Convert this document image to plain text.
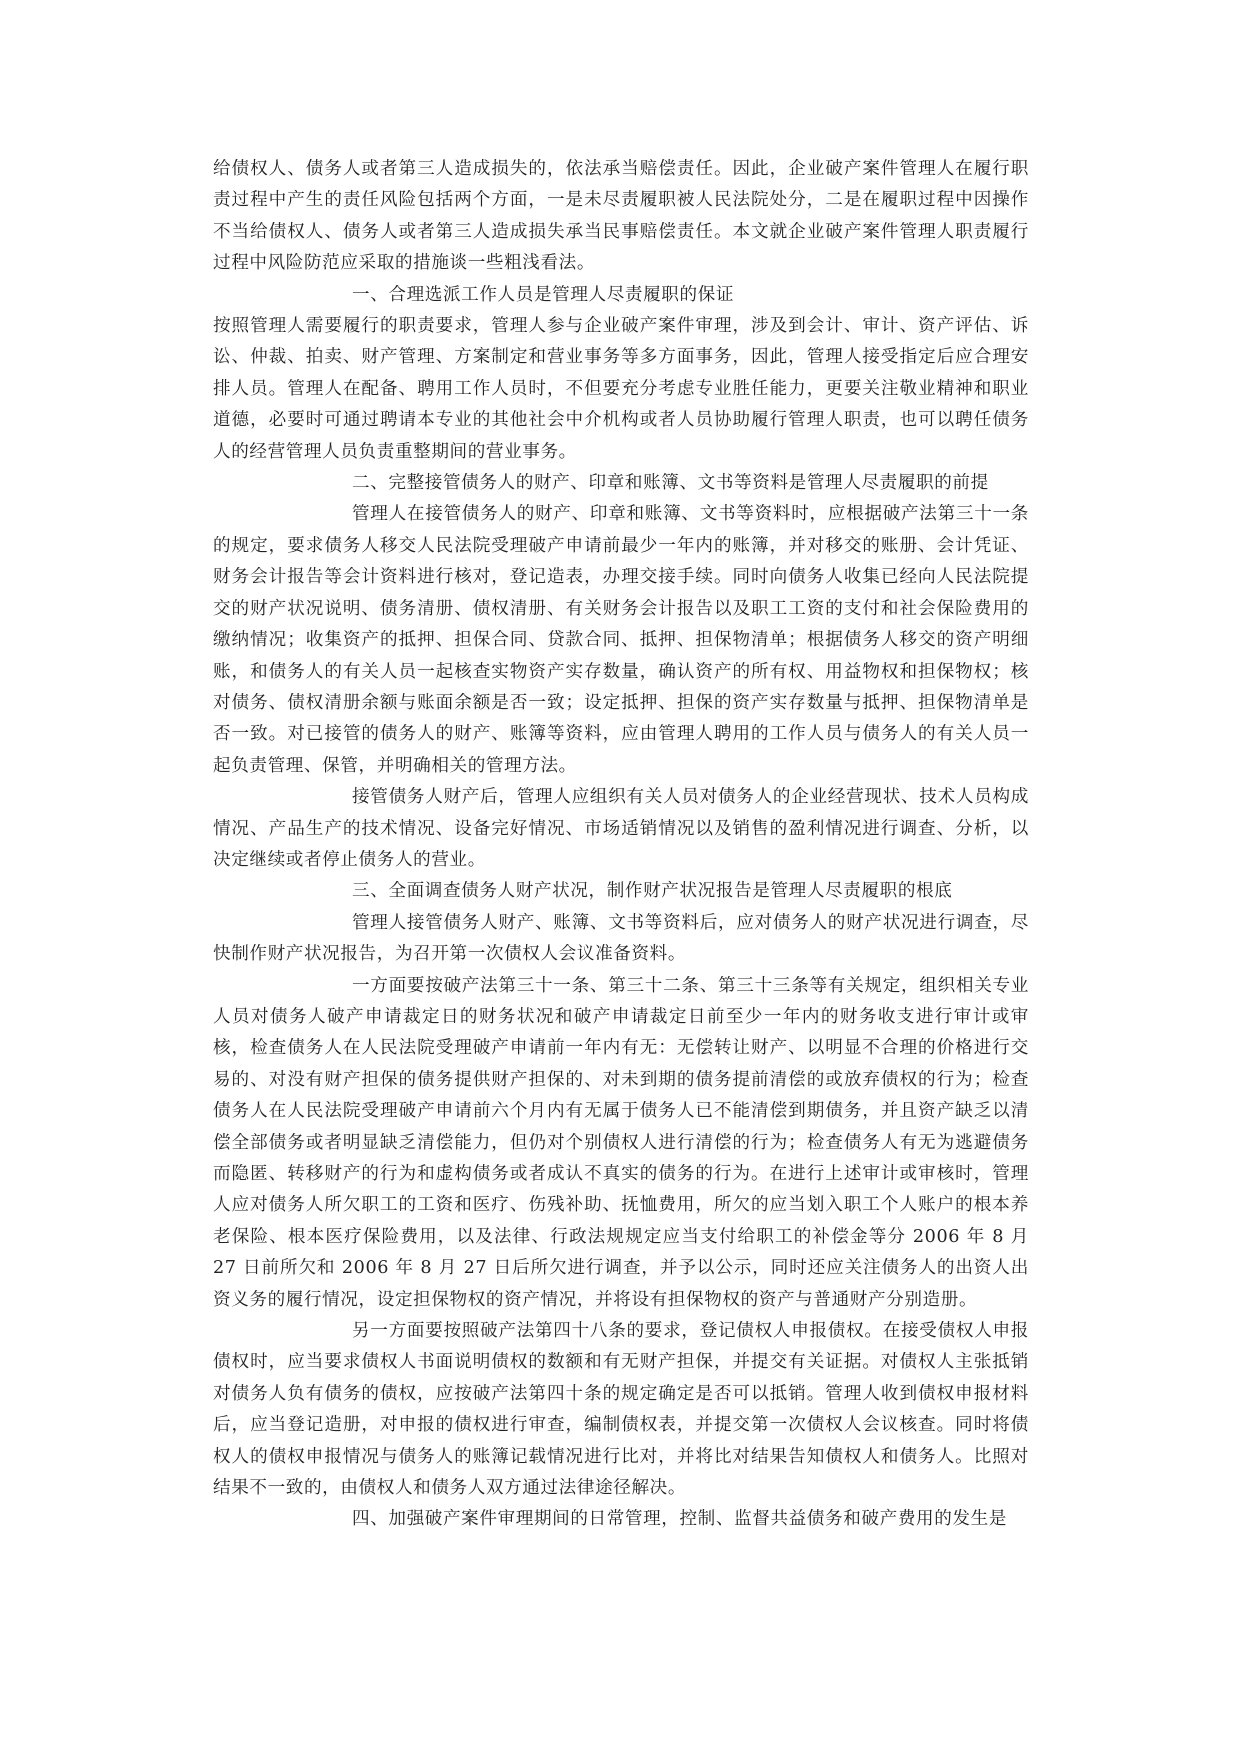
给债权人、债务人或者第三人造成损失的，依法承当赔偿责任。因此，企业破产案件管理人在履行职责过程中产生的责任风险包括两个方面，一是未尽责履职被人民法院处分，二是在履职过程中因操作不当给债权人、债务人或者第三人造成损失承当民事赔偿责任。本文就企业破产案件管理人职责履行过程中风险防范应采取的措施谈一些粗浅看法。

一、合理选派工作人员是管理人尽责履职的保证

按照管理人需要履行的职责要求，管理人参与企业破产案件审理，涉及到会计、审计、资产评估、诉讼、仲裁、拍卖、财产管理、方案制定和营业事务等多方面事务，因此，管理人接受指定后应合理安排人员。管理人在配备、聘用工作人员时，不但要充分考虑专业胜任能力，更要关注敬业精神和职业道德，必要时可通过聘请本专业的其他社会中介机构或者人员协助履行管理人职责，也可以聘任债务人的经营管理人员负责重整期间的营业事务。

二、完整接管债务人的财产、印章和账簿、文书等资料是管理人尽责履职的前提

管理人在接管债务人的财产、印章和账簿、文书等资料时，应根据破产法第三十一条的规定，要求债务人移交人民法院受理破产申请前最少一年内的账簿，并对移交的账册、会计凭证、财务会计报告等会计资料进行核对，登记造表，办理交接手续。同时向债务人收集已经向人民法院提交的财产状况说明、债务清册、债权清册、有关财务会计报告以及职工工资的支付和社会保险费用的缴纳情况；收集资产的抵押、担保合同、贷款合同、抵押、担保物清单；根据债务人移交的资产明细账，和债务人的有关人员一起核查实物资产实存数量，确认资产的所有权、用益物权和担保物权；核对债务、债权清册余额与账面余额是否一致；设定抵押、担保的资产实存数量与抵押、担保物清单是否一致。对已接管的债务人的财产、账簿等资料，应由管理人聘用的工作人员与债务人的有关人员一起负责管理、保管，并明确相关的管理方法。

接管债务人财产后，管理人应组织有关人员对债务人的企业经营现状、技术人员构成情况、产品生产的技术情况、设备完好情况、市场适销情况以及销售的盈利情况进行调查、分析，以决定继续或者停止债务人的营业。

三、全面调查债务人财产状况，制作财产状况报告是管理人尽责履职的根底

管理人接管债务人财产、账簿、文书等资料后，应对债务人的财产状况进行调查，尽快制作财产状况报告，为召开第一次债权人会议准备资料。

一方面要按破产法第三十一条、第三十二条、第三十三条等有关规定，组织相关专业人员对债务人破产申请裁定日的财务状况和破产申请裁定日前至少一年内的财务收支进行审计或审核，检查债务人在人民法院受理破产申请前一年内有无：无偿转让财产、以明显不合理的价格进行交易的、对没有财产担保的债务提供财产担保的、对未到期的债务提前清偿的或放弃债权的行为；检查债务人在人民法院受理破产申请前六个月内有无属于债务人已不能清偿到期债务，并且资产缺乏以清偿全部债务或者明显缺乏清偿能力，但仍对个别债权人进行清偿的行为；检查债务人有无为逃避债务而隐匿、转移财产的行为和虚构债务或者成认不真实的债务的行为。在进行上述审计或审核时，管理人应对债务人所欠职工的工资和医疗、伤残补助、抚恤费用，所欠的应当划入职工个人账户的根本养老保险、根本医疗保险费用，以及法律、行政法规规定应当支付给职工的补偿金等分 2006 年 8 月 27 日前所欠和 2006 年 8 月 27 日后所欠进行调查，并予以公示，同时还应关注债务人的出资人出资义务的履行情况，设定担保物权的资产情况，并将设有担保物权的资产与普通财产分别造册。

另一方面要按照破产法第四十八条的要求，登记债权人申报债权。在接受债权人申报债权时，应当要求债权人书面说明债权的数额和有无财产担保，并提交有关证据。对债权人主张抵销对债务人负有债务的债权，应按破产法第四十条的规定确定是否可以抵销。管理人收到债权申报材料后，应当登记造册，对申报的债权进行审查，编制债权表，并提交第一次债权人会议核查。同时将债权人的债权申报情况与债务人的账簿记载情况进行比对，并将比对结果告知债权人和债务人。比照对结果不一致的，由债权人和债务人双方通过法律途径解决。

四、加强破产案件审理期间的日常管理，控制、监督共益债务和破产费用的发生是
